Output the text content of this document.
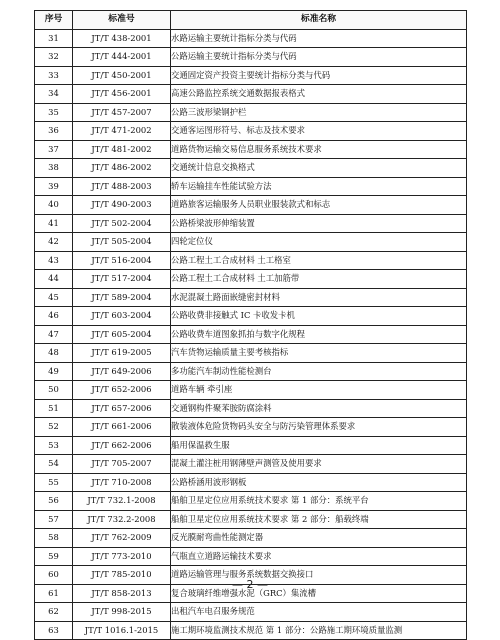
序号	标准号	标准名称
31	JT/T 438-2001	水路运输主要统计指标分类与代码
32	JT/T 444-2001	公路运输主要统计指标分类与代码
33	JT/T 450-2001	交通固定资产投资主要统计指标分类与代码
34	JT/T 456-2001	高速公路监控系统交通数据报表格式
35	JT/T 457-2007	公路三波形梁钢护栏
36	JT/T 471-2002	交通客运图形符号、标志及技术要求
37	JT/T 481-2002	道路货物运输交易信息服务系统技术要求
38	JT/T 486-2002	交通统计信息交换格式
39	JT/T 488-2003	轿车运输挂车性能试验方法
40	JT/T 490-2003	道路旅客运输服务人员职业服装款式和标志
41	JT/T 502-2004	公路桥梁波形伸缩装置
42	JT/T 505-2004	四轮定位仪
43	JT/T 516-2004	公路工程土工合成材料 土工格室
44	JT/T 517-2004	公路工程土工合成材料 土工加筋带
45	JT/T 589-2004	水泥混凝土路面嵌缝密封材料
46	JT/T 603-2004	公路收费非接触式 IC 卡收发卡机
47	JT/T 605-2004	公路收费车道图象抓拍与数字化规程
48	JT/T 619-2005	汽车货物运输质量主要考核指标
49	JT/T 649-2006	多功能汽车制动性能检测台
50	JT/T 652-2006	道路车辆 牵引座
51	JT/T 657-2006	交通钢构件聚苯胺防腐涂料
52	JT/T 661-2006	散装液体危险货物码头安全与防污染管理体系要求
53	JT/T 662-2006	船用保温救生服
54	JT/T 705-2007	混凝土灌注桩用钢薄壁声测管及使用要求
55	JT/T 710-2008	公路桥涵用波形钢板
56	JT/T 732.1-2008	船舶卫星定位应用系统技术要求 第 1 部分：系统平台
57	JT/T 732.2-2008	船舶卫星定位应用系统技术要求 第 2 部分：船载终端
58	JT/T 762-2009	反光膜耐弯曲性能测定器
59	JT/T 773-2010	气瓶直立道路运输技术要求
60	JT/T 785-2010	道路运输管理与服务系统数据交换接口
61	JT/T 858-2013	复合玻璃纤维增强水泥（GRC）集流槽
62	JT/T 998-2015	出租汽车电召服务规范
63	JT/T 1016.1-2015	施工期环境监测技术规范 第 1 部分：公路施工期环境质量监测
— 2 —
